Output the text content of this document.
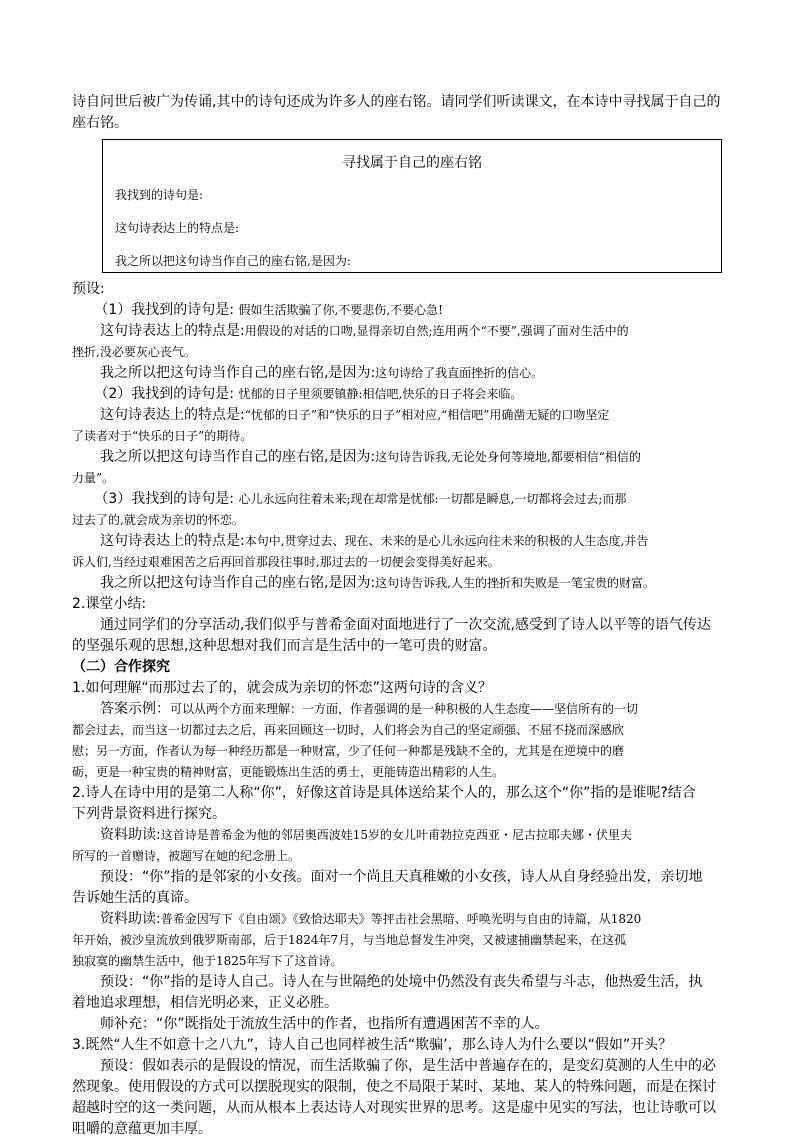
诗自问世后被广为传诵,其中的诗句还成为许多人的座右铭。请同学们听读课文，在本诗中寻找属于自己的
座右铭。

寻找属于自己的座右铭

我找到的诗句是:

这句诗表达上的特点是:

我之所以把这句诗当作自己的座右铭,是因为:

预设:

（1）我找到的诗句是: 假如生活欺骗了你,不要悲伤,不要心急!

这句诗表达上的特点是:用假设的对话的口吻,显得亲切自然;连用两个“不要”,强调了面对生活中的

挫折,没必要灰心丧气。

我之所以把这句诗当作自己的座右铭,是因为:这句诗给了我直面挫折的信心。

（2）我找到的诗句是: 忧郁的日子里须要镇静:相信吧,快乐的日子将会来临。

这句诗表达上的特点是:“忧郁的日子”和“快乐的日子”相对应,“相信吧”用确凿无疑的口吻坚定

了读者对于“快乐的日子”的期待。

我之所以把这句诗当作自己的座右铭,是因为:这句诗告诉我,无论处身何等境地,都要相信“相信的

力量”。

（3）我找到的诗句是: 心儿永远向往着未来;现在却常是忧郁:一切都是瞬息,一切都将会过去;而那

过去了的,就会成为亲切的怀恋。

这句诗表达上的特点是:本句中,贯穿过去、现在、未来的是心儿永远向往未来的积极的人生态度,并告

诉人们,当经过艰难困苦之后再回首那段往事时,那过去的一切便会变得美好起来。

我之所以把这句诗当作自己的座右铭,是因为:这句诗告诉我,人生的挫折和失败是一笔宝贵的财富。

2.课堂小结:

通过同学们的分享活动,我们似乎与普希金面对面地进行了一次交流,感受到了诗人以平等的语气传达

的坚强乐观的思想,这种思想对我们而言是生活中的一笔可贵的财富。

（二）合作探究

1.如何理解“而那过去了的，就会成为亲切的怀恋”这两句诗的含义？

答案示例：可以从两个方面来理解：一方面，作者强调的是一种积极的人生态度——坚信所有的一切

都会过去，而当这一切都过去之后，再来回顾这一切时，人们将会为自己的坚定顽强、不屈不挠而深感欣

慰；另一方面，作者认为每一种经历都是一种财富，少了任何一种都是残缺不全的，尤其是在逆境中的磨

砺，更是一种宝贵的精神财富，更能锻炼出生活的勇士，更能铸造出精彩的人生。

2.诗人在诗中用的是第二人称“你”，好像这首诗是具体送给某个人的，那么这个“你”指的是谁呢?结合

下列背景资料进行探究。

资料助读:这首诗是普希金为他的邻居奥西波娃15岁的女儿叶甫勃拉克西亚・尼古拉耶夫娜・伏里夫

所写的一首赠诗，被题写在她的纪念册上。

预设：“你”指的是邻家的小女孩。面对一个尚且天真稚嫩的小女孩，诗人从自身经验出发，亲切地

告诉她生活的真谛。

资料助读:普希金因写下《自由颂》《致恰达耶夫》等抨击社会黑暗、呼唤光明与自由的诗篇，从1820

年开始，被沙皇流放到俄罗斯南部，后于1824年7月，与当地总督发生冲突，又被逮捕幽禁起来，在这孤

独寂寞的幽禁生活中，他于1825年写下了这首诗。

预设：“你”指的是诗人自己。诗人在与世隔绝的处境中仍然没有丧失希望与斗志，他热爱生活，执

着地追求理想，相信光明必来，正义必胜。

师补充：“你”既指处于流放生活中的作者，也指所有遭遇困苦不幸的人。

3.既然“人生不如意十之八九”，诗人自己也同样被生活“欺骗’，那么诗人为什么要以“假如”开头？

预设：假如表示的是假设的情况，而生活欺骗了你，是生活中普遍存在的，是变幻莫测的人生中的必

然现象。使用假设的方式可以摆脱现实的限制，使之不局限于某时、某地、某人的特殊问题，而是在探讨

超越时空的这一类问题，从而从根本上表达诗人对现实世界的思考。这是虚中见实的写法，也让诗歌可以

咀嚼的意蕴更加丰厚。
